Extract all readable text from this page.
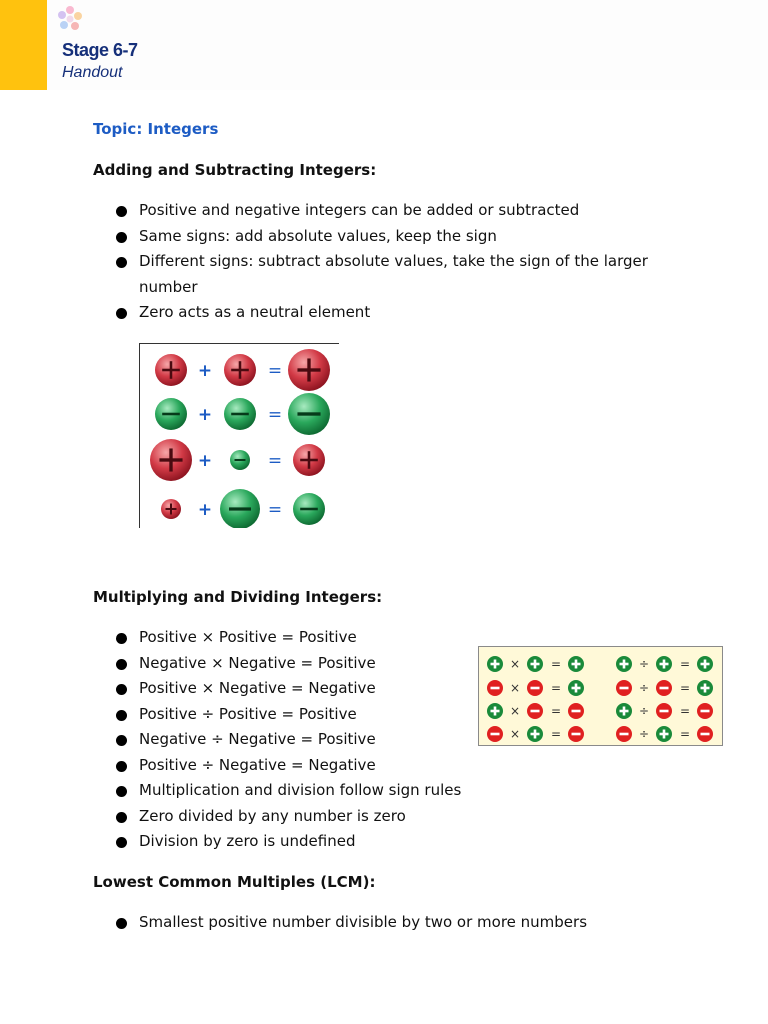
Stage 6-7
Handout
Topic: Integers
Adding and Subtracting Integers:
Positive and negative integers can be added or subtracted
Same signs: add absolute values, keep the sign
Different signs: subtract absolute values, take the sign of the larger number
Zero acts as a neutral element
+	=
+	=
+	=
+	=
Multiplying and Dividing Integers:
Positive × Positive = Positive
Negative × Negative = Positive
Positive × Negative = Negative
Positive ÷ Positive = Positive
Negative ÷ Negative = Positive
Positive ÷ Negative = Negative
Multiplication and division follow sign rules
Zero divided by any number is zero
Division by zero is undefined
×	=	÷	=
×	=	÷	=
×	=	÷	=
×	=	÷	=
Lowest Common Multiples (LCM):
Smallest positive number divisible by two or more numbers
